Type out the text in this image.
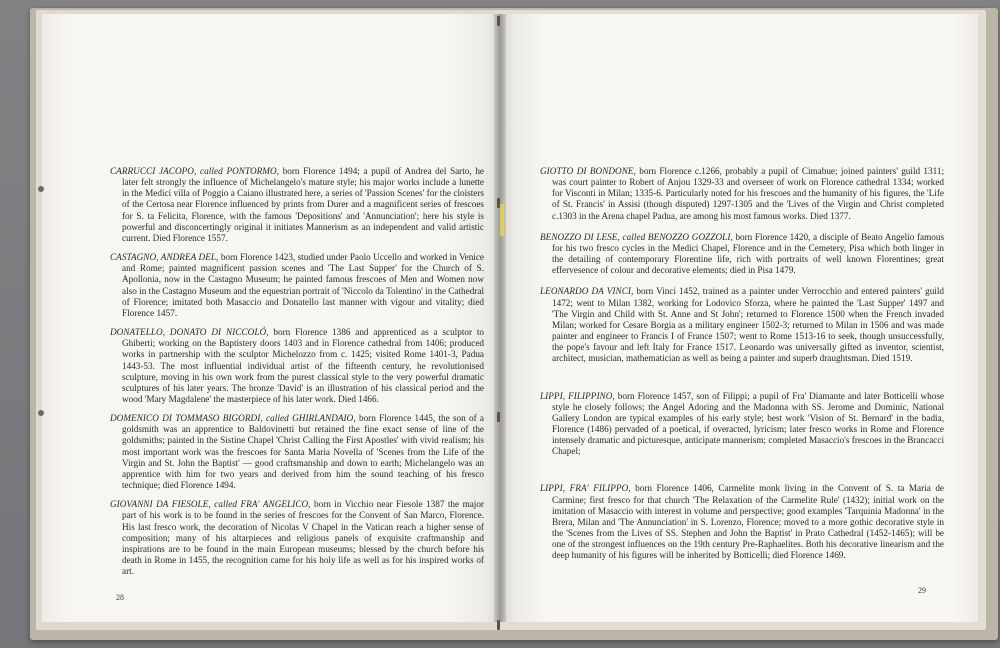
CARRUCCI JACOPO, called PONTORMO, born Florence 1494; a pupil of Andrea del Sarto, he later felt strongly the influence of Michelangelo's mature style; his major works include a lunette in the Medici villa of Poggio a Caiano illustrated here, a series of 'Passion Scenes' for the cloisters of the Certosa near Florence influenced by prints from Durer and a magnificent series of frescoes for S. ta Felicita, Florence, with the famous 'Depositions' and 'Annunciation'; here his style is powerful and disconcertingly original it initiates Mannerism as an independent and valid artistic current. Died Florence 1557.

CASTAGNO, ANDREA DEL, born Florence 1423, studied under Paolo Uccello and worked in Venice and Rome; painted magnificent passion scenes and 'The Last Supper' for the Church of S. Apollonia, now in the Castagno Museum; he painted famous frescoes of Men and Women now also in the Castagno Museum and the equestrian portrait of 'Niccolo da Tolentino' in the Cathedral of Florence; imitated both Masaccio and Donatello last manner with vigour and vitality; died Florence 1457.

DONATELLO, DONATO DI NICCOLÓ, born Florence 1386 and apprenticed as a sculptor to Ghiberti; working on the Baptistery doors 1403 and in Florence cathedral from 1406; produced works in partnership with the sculptor Michelozzo from c. 1425; visited Rome 1401-3, Padua 1443-53. The most influential individual artist of the fifteenth century, he revolutionised sculpture, moving in his own work from the purest classical style to the very powerful dramatic sculptures of his later years. The bronze 'David' is an illustration of his classical period and the wood 'Mary Magdalene' the masterpiece of his later work. Died 1466.

DOMENICO DI TOMMASO BIGORDI, called GHIRLANDAIO, born Florence 1445, the son of a goldsmith was an apprentice to Baldovinetti but retained the fine exact sense of line of the goldsmiths; painted in the Sistine Chapel 'Christ Calling the First Apostles' with vivid realism; his most important work was the frescoes for Santa Maria Novella of 'Scenes from the Life of the Virgin and St. John the Baptist' — good craftsmanship and down to earth; Michelangelo was an apprentice with him for two years and derived from him the sound teaching of his fresco technique; died Florence 1494.

GIOVANNI DA FIESOLE, called FRA' ANGELICO, born in Vicchio near Fiesole 1387 the major part of his work is to be found in the series of frescoes for the Convent of San Marco, Florence. His last fresco work, the decoration of Nicolas V Chapel in the Vatican reach a higher sense of composition; many of his altarpieces and religious panels of exquisite craftmanship and inspirations are to be found in the main European museums; blessed by the church before his death in Rome in 1455, the recognition came for his holy life as well as for his inspired works of art.

GIOTTO DI BONDONE, born Florence c.1266, probably a pupil of Cimabue; joined painters' guild 1311; was court painter to Robert of Anjou 1329-33 and overseer of work on Florence cathedral 1334; worked for Visconti in Milan; 1335-6. Particularly noted for his frescoes and the humanity of his figures, the 'Life of St. Francis' in Assisi (though disputed) 1297-1305 and the 'Lives of the Virgin and Christ completed c.1303 in the Arena chapel Padua, are among his most famous works. Died 1377.

BENOZZO DI LESE, called BENOZZO GOZZOLI, born Florence 1420, a disciple of Beato Angelio famous for his two fresco cycles in the Medici Chapel, Florence and in the Cemetery, Pisa which both linger in the detailing of contemporary Florentine life, rich with portraits of well known Florentines; great effervesence of colour and decorative elements; died in Pisa 1479.

LEONARDO DA VINCI, born Vinci 1452, trained as a painter under Verrocchio and entered painters' guild 1472; went to Milan 1382, working for Lodovico Sforza, where he painted the 'Last Supper' 1497 and 'The Virgin and Child with St. Anne and St John'; returned to Florence 1500 when the French invaded Milan; worked for Cesare Borgia as a military engineer 1502-3; returned to Milan in 1506 and was made painter and engineer to Francis I of France 1507; went to Rome 1513-16 to seek, though unsuccessfully, the pope's favour and left Italy for France 1517. Leonardo was universally gifted as inventor, scientist, architect, musician, mathematician as well as being a painter and superb draughtsman. Died 1519.

LIPPI, FILIPPINO, born Florence 1457, son of Filippi; a pupil of Fra' Diamante and later Botticelli whose style he closely follows; the Angel Adoring and the Madonna with SS. Jerome and Dominic, National Gallery London are typical examples of his early style; best work 'Vision of St. Bernard' in the badia, Florence (1486) pervaded of a poetical, if overacted, lyricism; later fresco works in Rome and Florence intensely dramatic and picturesque, anticipate mannerism; completed Masaccio's frescoes in the Brancacci Chapel;

LIPPI, FRA' FILIPPO, born Florence 1406, Carmelite monk living in the Convent of S. ta Maria de Carmine; first fresco for that church 'The Relaxation of the Carmelite Rule' (1432); initial work on the imitation of Masaccio with interest in volume and perspective; good examples 'Tarquinia Madonna' in the Brera, Milan and 'The Annunciation' in S. Lorenzo, Florence; moved to a more gothic decorative style in the 'Scenes from the Lives of SS. Stephen and John the Baptist' in Prato Cathedral (1452-1465); will be one of the strongest influences on the 19th century Pre-Raphaelites. Both his decorative linearism and the deep humanity of his figures will be inherited by Botticelli; died Florence 1469.

28
29
